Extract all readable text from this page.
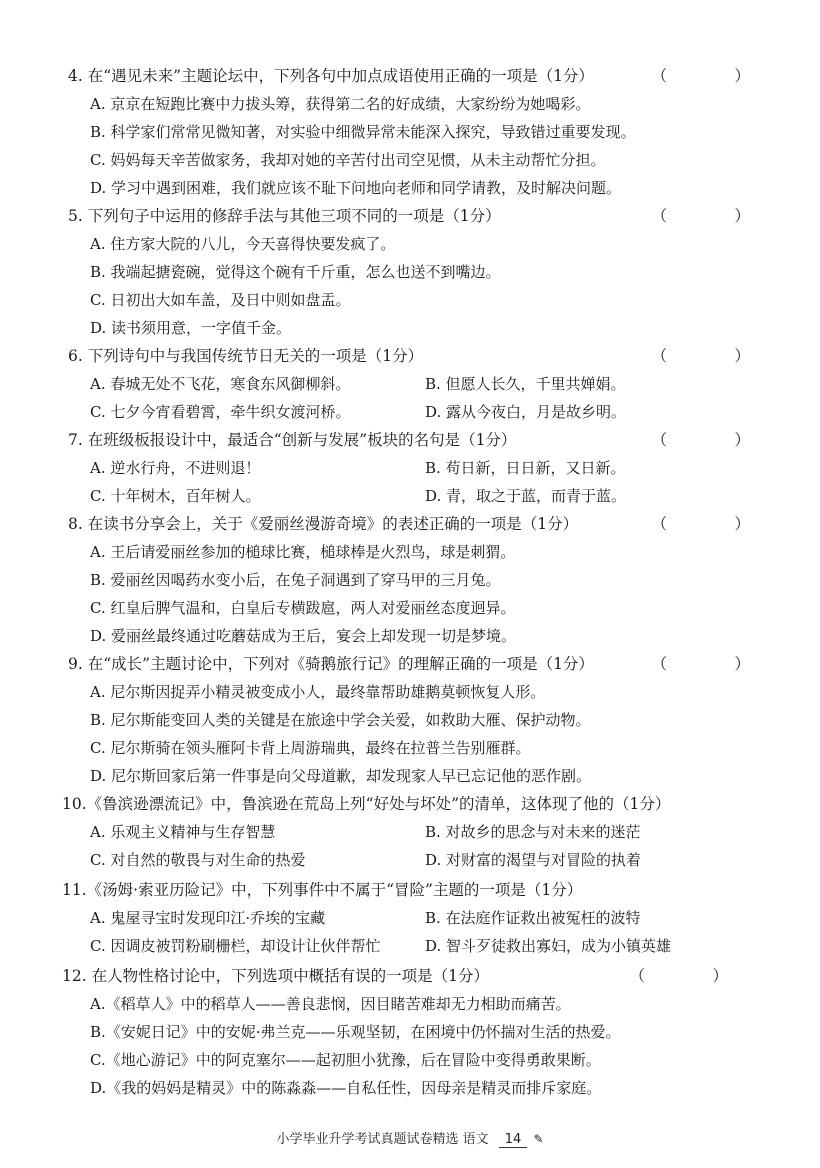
4. 在“遇见未来”主题论坛中，下列各句中加点成语使用正确的一项是（1分）	（　）
A. 京京在短跑比赛中力拔头筹，获得第二名的好成绩，大家纷纷为她喝彩。
B. 科学家们常常见微知著，对实验中细微异常未能深入探究，导致错过重要发现。
C. 妈妈每天辛苦做家务，我却对她的辛苦付出司空见惯，从未主动帮忙分担。
D. 学习中遇到困难，我们就应该不耻下问地向老师和同学请教，及时解决问题。
5. 下列句子中运用的修辞手法与其他三项不同的一项是（1分）	（　）
A. 住方家大院的八儿，今天喜得快要发疯了。
B. 我端起搪瓷碗，觉得这个碗有千斤重，怎么也送不到嘴边。
C. 日初出大如车盖，及日中则如盘盂。
D. 读书须用意，一字值千金。
6. 下列诗句中与我国传统节日无关的一项是（1分）	（　）
A. 春城无处不飞花，寒食东风御柳斜。	B. 但愿人长久，千里共婵娟。
C. 七夕今宵看碧霄，牵牛织女渡河桥。	D. 露从今夜白，月是故乡明。
7. 在班级板报设计中，最适合“创新与发展”板块的名句是（1分）	（　）
A. 逆水行舟，不进则退！	B. 苟日新，日日新，又日新。
C. 十年树木，百年树人。	D. 青，取之于蓝，而青于蓝。
8. 在读书分享会上，关于《爱丽丝漫游奇境》的表述正确的一项是（1分）	（　）
A. 王后请爱丽丝参加的槌球比赛，槌球棒是火烈鸟，球是刺猬。
B. 爱丽丝因喝药水变小后，在兔子洞遇到了穿马甲的三月兔。
C. 红皇后脾气温和，白皇后专横跋扈，两人对爱丽丝态度迥异。
D. 爱丽丝最终通过吃蘑菇成为王后，宴会上却发现一切是梦境。
9. 在“成长”主题讨论中，下列对《骑鹅旅行记》的理解正确的一项是（1分）	（　）
A. 尼尔斯因捉弄小精灵被变成小人，最终靠帮助雄鹅莫顿恢复人形。
B. 尼尔斯能变回人类的关键是在旅途中学会关爱，如救助大雁、保护动物。
C. 尼尔斯骑在领头雁阿卡背上周游瑞典，最终在拉普兰告别雁群。
D. 尼尔斯回家后第一件事是向父母道歉，却发现家人早已忘记他的恶作剧。
10.《鲁滨逊漂流记》中，鲁滨逊在荒岛上列“好处与坏处”的清单，这体现了他的（1分）
A. 乐观主义精神与生存智慧	B. 对故乡的思念与对未来的迷茫
C. 对自然的敬畏与对生命的热爱	D. 对财富的渴望与对冒险的执着
11.《汤姆·索亚历险记》中，下列事件中不属于“冒险”主题的一项是（1分）
A. 鬼屋寻宝时发现印江·乔埃的宝藏	B. 在法庭作证救出被冤枉的波特
C. 因调皮被罚粉刷栅栏，却设计让伙伴帮忙	D. 智斗歹徒救出寡妇，成为小镇英雄
12. 在人物性格讨论中，下列选项中概括有误的一项是（1分）	（　）
A.《稻草人》中的稻草人——善良悲悯，因目睹苦难却无力相助而痛苦。
B.《安妮日记》中的安妮·弗兰克——乐观坚韧，在困境中仍怀揣对生活的热爱。
C.《地心游记》中的阿克塞尔——起初胆小犹豫，后在冒险中变得勇敢果断。
D.《我的妈妈是精灵》中的陈淼淼——自私任性，因母亲是精灵而排斥家庭。
小学毕业升学考试真题试卷精选 语文 14 ✎
